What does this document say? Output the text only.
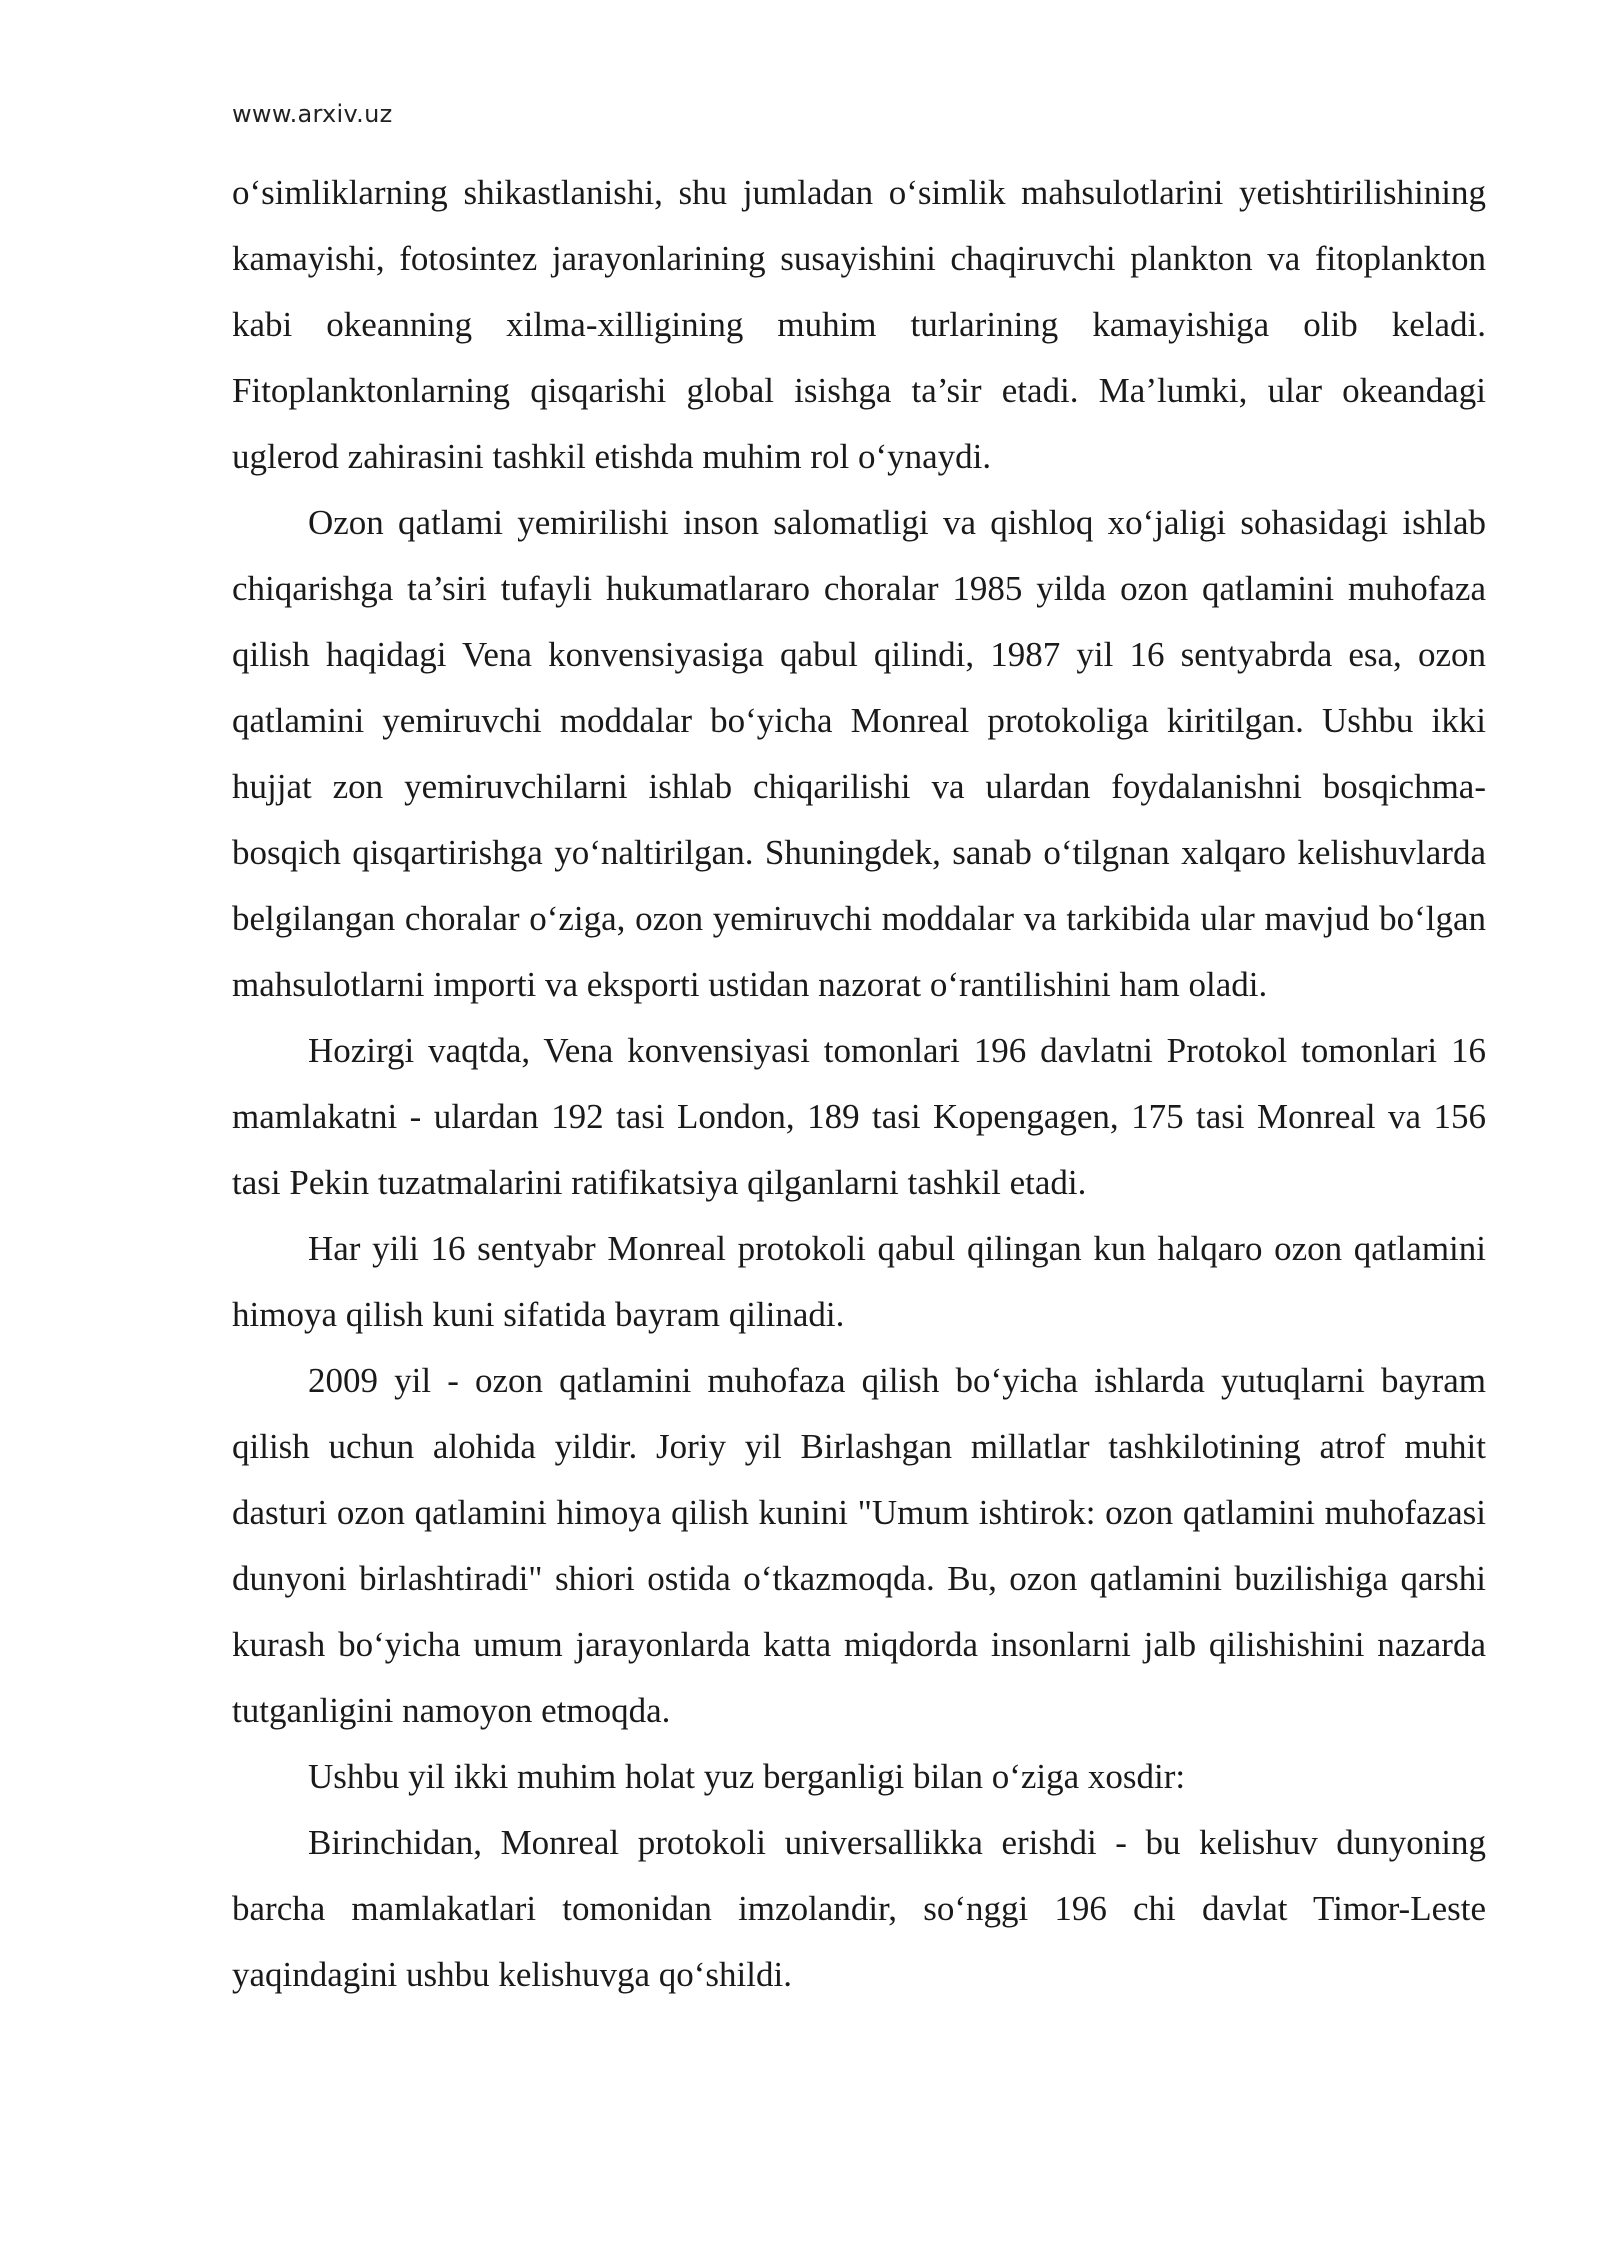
www.arxiv.uz

o‘simliklarning shikastlanishi, shu jumladan o‘simlik mahsulotlarini yetishtirilishining kamayishi, fotosintez jarayonlarining susayishini chaqiruvchi plankton va fitoplankton kabi okeanning xilma-xilligining muhim turlarining kamayishiga olib keladi. Fitoplanktonlarning qisqarishi global isishga ta’sir etadi. Ma’lumki, ular okeandagi uglerod zahirasini tashkil etishda muhim rol o‘ynaydi.

Ozon qatlami yemirilishi inson salomatligi va qishloq xo‘jaligi sohasidagi ishlab chiqarishga ta’siri tufayli hukumatlararo choralar 1985 yilda ozon qatlamini muhofaza qilish haqidagi Vena konvensiyasiga qabul qilindi, 1987 yil 16 sentyabrda esa, ozon qatlamini yemiruvchi moddalar bo‘yicha Monreal protokoliga kiritilgan. Ushbu ikki hujjat zon yemiruvchilarni ishlab chiqarilishi va ulardan foydalanishni bosqichma-bosqich qisqartirishga yo‘naltirilgan. Shuningdek, sanab o‘tilgnan xalqaro kelishuvlarda belgilangan choralar o‘ziga, ozon yemiruvchi moddalar va tarkibida ular mavjud bo‘lgan mahsulotlarni importi va eksporti ustidan nazorat o‘rantilishini ham oladi.

Hozirgi vaqtda, Vena konvensiyasi tomonlari 196 davlatni Protokol tomonlari 16 mamlakatni - ulardan 192 tasi London, 189 tasi Kopengagen, 175 tasi Monreal va 156 tasi Pekin tuzatmalarini ratifikatsiya qilganlarni tashkil etadi.

Har yili 16 sentyabr Monreal protokoli qabul qilingan kun halqaro ozon qatlamini himoya qilish kuni sifatida bayram qilinadi.

2009 yil - ozon qatlamini muhofaza qilish bo‘yicha ishlarda yutuqlarni bayram qilish uchun alohida yildir. Joriy yil Birlashgan millatlar tashkilotining atrof muhit dasturi ozon qatlamini himoya qilish kunini "Umum ishtirok: ozon qatlamini muhofazasi dunyoni birlashtiradi" shiori ostida o‘tkazmoqda. Bu, ozon qatlamini buzilishiga qarshi kurash bo‘yicha umum jarayonlarda katta miqdorda insonlarni jalb qilishishini nazarda tutganligini namoyon etmoqda.

Ushbu yil ikki muhim holat yuz berganligi bilan o‘ziga xosdir:

Birinchidan, Monreal protokoli universallikka erishdi - bu kelishuv dunyoning barcha mamlakatlari tomonidan imzolandir, so‘nggi 196 chi davlat Timor-Leste yaqindagini ushbu kelishuvga qo‘shildi.
